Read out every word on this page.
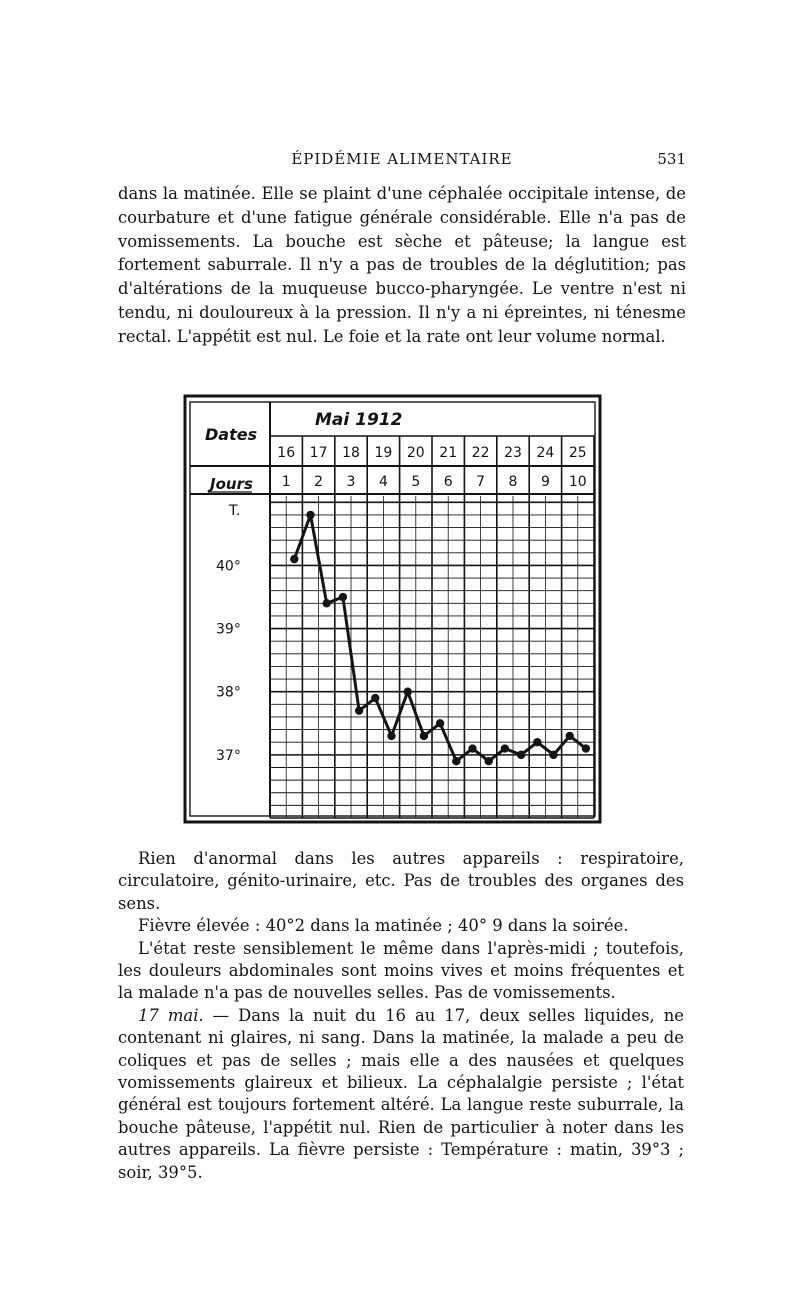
ÉPIDÉMIE ALIMENTAIRE	531

dans la matinée. Elle se plaint d'une céphalée occipitale intense, de courbature et d'une fatigue générale considérable. Elle n'a pas de vomissements. La bouche est sèche et pâteuse; la langue est fortement saburrale. Il n'y a pas de troubles de la déglutition; pas d'altérations de la muqueuse bucco-pharyngée. Le ventre n'est ni tendu, ni douloureux à la pression. Il n'y a ni épreintes, ni ténesme rectal. L'appétit est nul. Le foie et la rate ont leur volume normal.

Mai 1912
Dates
Jours
T.
16 17 18 19 20 21 22 23 24 25
1 2 3 4 5 6 7 8 9 10
40°
39°
38°
37°

Rien d'anormal dans les autres appareils : respiratoire, circulatoire, génito-urinaire, etc. Pas de troubles des organes des sens.

Fièvre élevée : 40°2 dans la matinée ; 40° 9 dans la soirée.

L'état reste sensiblement le même dans l'après-midi ; toutefois, les douleurs abdominales sont moins vives et moins fréquentes et la malade n'a pas de nouvelles selles. Pas de vomissements.

17 mai. — Dans la nuit du 16 au 17, deux selles liquides, ne contenant ni glaires, ni sang. Dans la matinée, la malade a peu de coliques et pas de selles ; mais elle a des nausées et quelques vomissements glaireux et bilieux. La céphalalgie persiste ; l'état général est toujours fortement altéré. La langue reste suburrale, la bouche pâteuse, l'appétit nul. Rien de particulier à noter dans les autres appareils. La fièvre persiste : Température : matin, 39°3 ; soir, 39°5.
